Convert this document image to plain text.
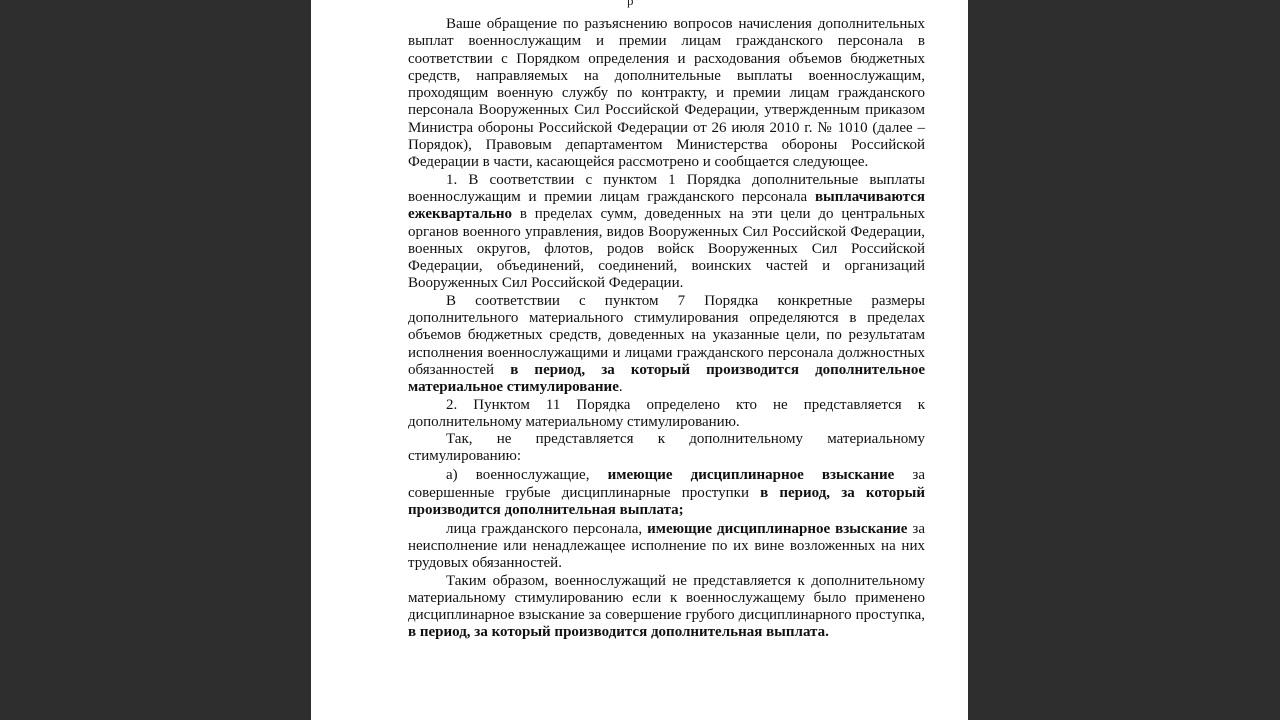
р

Ваше обращение по разъяснению вопросов начисления дополнительных выплат военнослужащим и премии лицам гражданского персонала в соответствии с Порядком определения и расходования объемов бюджетных средств, направляемых на дополнительные выплаты военнослужащим, проходящим военную службу по контракту, и премии лицам гражданского персонала Вооруженных Сил Российской Федерации, утвержденным приказом Министра обороны Российской Федерации от 26 июля 2010 г. № 1010 (далее – Порядок), Правовым департаментом Министерства обороны Российской Федерации в части, касающейся рассмотрено и сообщается следующее.

1. В соответствии с пунктом 1 Порядка дополнительные выплаты военнослужащим и премии лицам гражданского персонала выплачиваются ежеквартально в пределах сумм, доведенных на эти цели до центральных органов военного управления, видов Вооруженных Сил Российской Федерации, военных округов, флотов, родов войск Вооруженных Сил Российской Федерации, объединений, соединений, воинских частей и организаций Вооруженных Сил Российской Федерации.

В соответствии с пунктом 7 Порядка конкретные размеры дополнительного материального стимулирования определяются в пределах объемов бюджетных средств, доведенных на указанные цели, по результатам исполнения военнослужащими и лицами гражданского персонала должностных обязанностей в период, за который производится дополнительное материальное стимулирование.

2. Пунктом 11 Порядка определено кто не представляется к дополнительному материальному стимулированию.

Так, не представляется к дополнительному материальному стимулированию:

а) военнослужащие, имеющие дисциплинарное взыскание за совершенные грубые дисциплинарные проступки в период, за который производится дополнительная выплата;

лица гражданского персонала, имеющие дисциплинарное взыскание за неисполнение или ненадлежащее исполнение по их вине возложенных на них трудовых обязанностей.

Таким образом, военнослужащий не представляется к дополнительному материальному стимулированию если к военнослужащему было применено дисциплинарное взыскание за совершение грубого дисциплинарного проступка, в период, за который производится дополнительная выплата.
